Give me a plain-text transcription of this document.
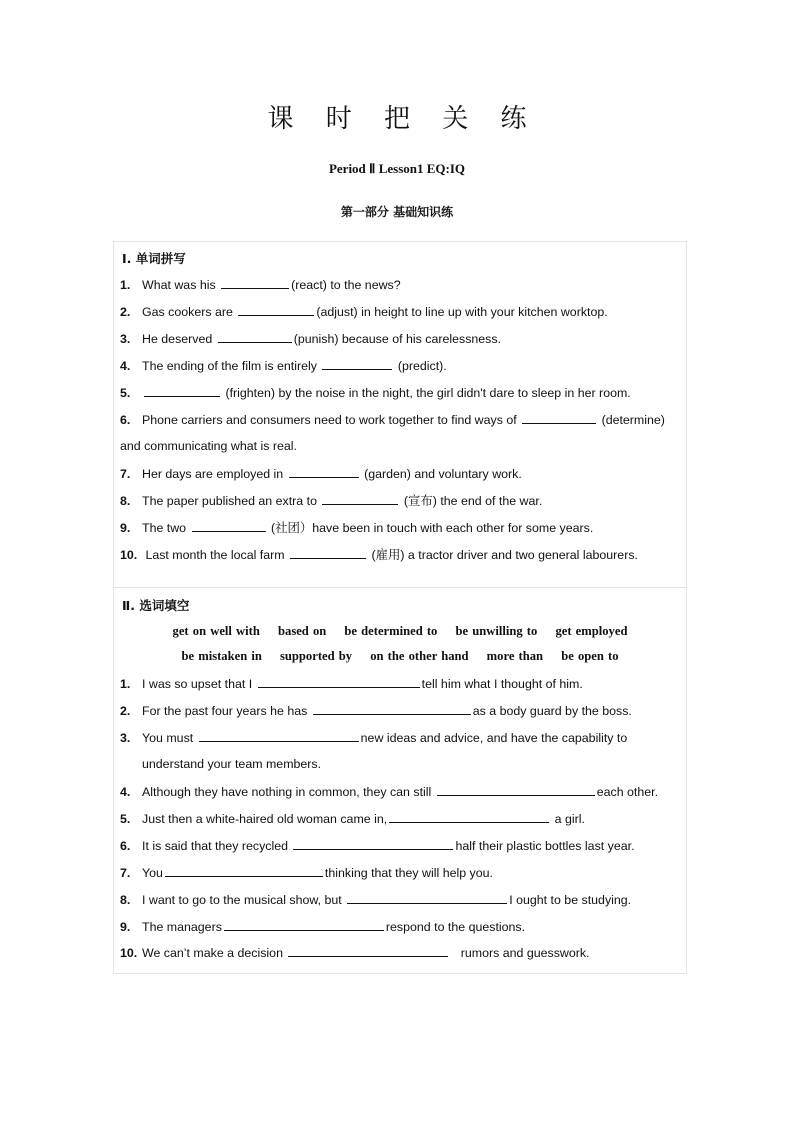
课 时 把 关 练
Period Ⅱ Lesson1 EQ:IQ
第一部分 基础知识练
Ⅰ. 单词拼写
1. What was his	(react) to the news?
2. Gas cookers are	(adjust) in height to line up with your kitchen worktop.
3. He deserved	(punish) because of his carelessness.
4. The ending of the film is entirely	(predict).
5.	(frighten) by the noise in the night, the girl didn't dare to sleep in her room.
6. Phone carriers and consumers need to work together to find ways of	(determine)
and communicating what is real.
7. Her days are employed in	(garden) and voluntary work.
8. The paper published an extra to	(宣布) the end of the war.
9. The two	(社团）have been in touch with each other for some years.
10. Last month the local farm	(雇用) a tractor driver and two general labourers.
Ⅱ. 选词填空
get on well with based on be determined to be unwilling to get employed
be mistaken in supported by on the other hand more than be open to
1. I was so upset that I	tell him what I thought of him.
2. For the past four years he has	as a body guard by the boss.
3. You must	new ideas and advice, and have the capability to
understand your team members.
4. Although they have nothing in common, they can still	each other.
5. Just then a white-haired old woman came in,	a girl.
6. It is said that they recycled	half their plastic bottles last year.
7. You	thinking that they will help you.
8. I want to go to the musical show, but	I ought to be studying.
9. The managers	respond to the questions.
10. We can’t make a decision	rumors and guesswork.
